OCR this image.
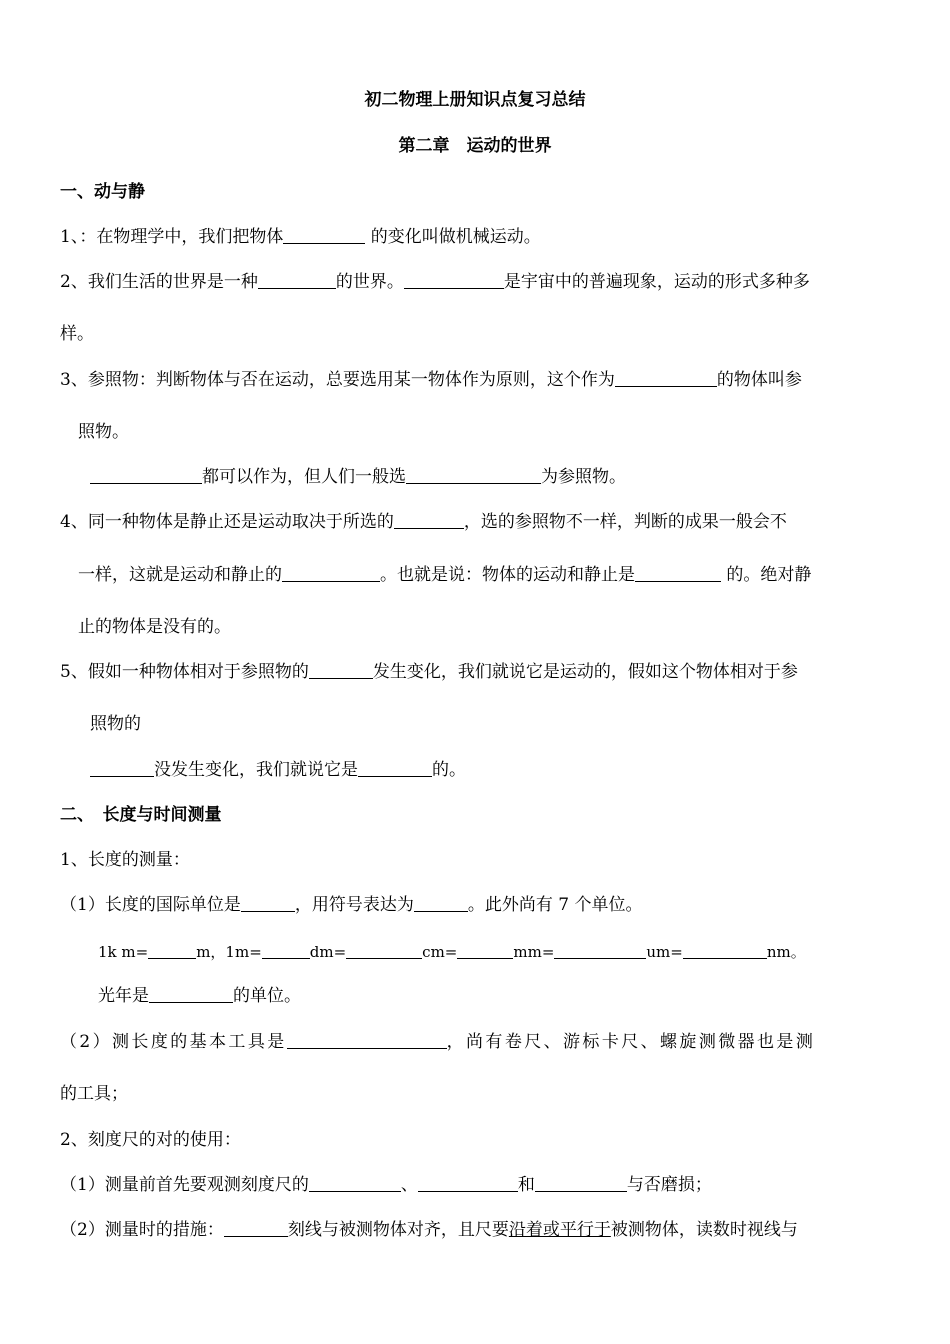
初二物理上册知识点复习总结
第二章　运动的世界
一、动与静
1、：在物理学中，我们把物体	的变化叫做机械运动。
2、我们生活的世界是一种	的世界。	是宇宙中的普遍现象，运动的形式多种多
样。
3、参照物：判断物体与否在运动，总要选用某一物体作为原则，这个作为	的物体叫参
照物。
都可以作为，但人们一般选	为参照物。
4、同一种物体是静止还是运动取决于所选的	，选的参照物不一样，判断的成果一般会不
一样，这就是运动和静止的	。也就是说：物体的运动和静止是	的。绝对静
止的物体是没有的。
5、假如一种物体相对于参照物的	发生变化，我们就说它是运动的，假如这个物体相对于参
照物的
没发生变化，我们就说它是	的。
二、　长度与时间测量
1、长度的测量：
（1）长度的国际单位是	，用符号表达为	。此外尚有 7 个单位。
1k m=	m，1m=	dm=	cm=	mm=	um=	nm。
光年是	的单位。
（2）测长度的基本工具是	，尚有卷尺、游标卡尺、螺旋测微器也是测
的工具；
2、刻度尺的对的使用：
（1）测量前首先要观测刻度尺的	、	和	与否磨损；
（2）测量时的措施：	刻线与被测物体对齐，且尺要沿着或平行于被测物体，读数时视线与
